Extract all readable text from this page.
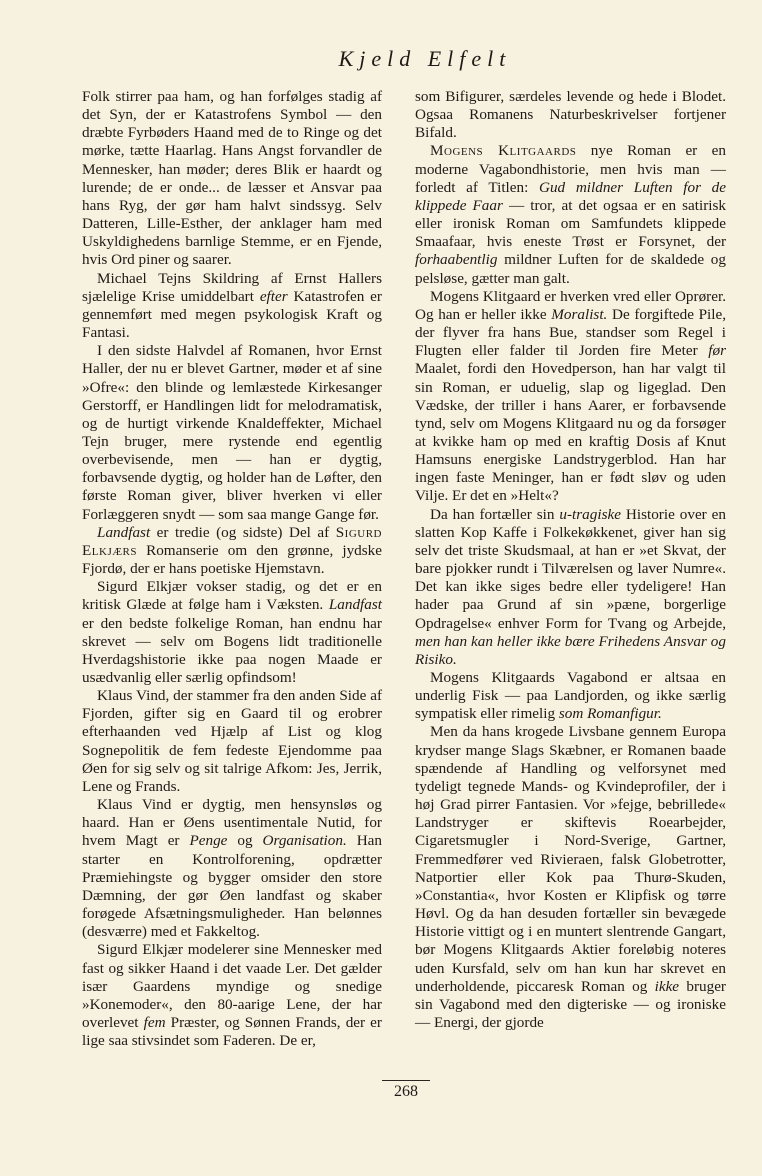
Kjeld Elfelt

Folk stirrer paa ham, og han forfølges stadig af det Syn, der er Katastrofens Symbol — den dræbte Fyrbøders Haand med de to Ringe og det mørke, tætte Haarlag. Hans Angst forvandler de Mennesker, han møder; deres Blik er haardt og lurende; de er onde... de læsser et Ansvar paa hans Ryg, der gør ham halvt sindssyg. Selv Datteren, Lille-Esther, der anklager ham med Uskyldighedens barnlige Stemme, er en Fjende, hvis Ord piner og saarer.

Michael Tejns Skildring af Ernst Hallers sjælelige Krise umiddelbart efter Katastrofen er gennemført med megen psykologisk Kraft og Fantasi.

I den sidste Halvdel af Romanen, hvor Ernst Haller, der nu er blevet Gartner, møder et af sine »Ofre«: den blinde og lemlæstede Kirkesanger Gerstorff, er Handlingen lidt for melodramatisk, og de hurtigt virkende Knaldeffekter, Michael Tejn bruger, mere rystende end egentlig overbevisende, men — han er dygtig, forbavsende dygtig, og holder han de Løfter, den første Roman giver, bliver hverken vi eller Forlæggeren snydt — som saa mange Gange før.

Landfast er tredie (og sidste) Del af Sigurd Elkjærs Romanserie om den grønne, jydske Fjordø, der er hans poetiske Hjemstavn.

Sigurd Elkjær vokser stadig, og det er en kritisk Glæde at følge ham i Væksten. Landfast er den bedste folkelige Roman, han endnu har skrevet — selv om Bogens lidt traditionelle Hverdagshistorie ikke paa nogen Maade er usædvanlig eller særlig opfindsom!

Klaus Vind, der stammer fra den anden Side af Fjorden, gifter sig en Gaard til og erobrer efterhaanden ved Hjælp af List og klog Sognepolitik de fem fedeste Ejendomme paa Øen for sig selv og sit talrige Afkom: Jes, Jerrik, Lene og Frands.

Klaus Vind er dygtig, men hensynsløs og haard. Han er Øens usentimentale Nutid, for hvem Magt er Penge og Organisation. Han starter en Kontrolforening, opdrætter Præmiehingste og bygger omsider den store Dæmning, der gør Øen landfast og skaber forøgede Afsætningsmuligheder. Han belønnes (desværre) med et Fakkeltog.

Sigurd Elkjær modelerer sine Mennesker med fast og sikker Haand i det vaade Ler. Det gælder især Gaardens myndige og snedige »Konemoder«, den 80-aarige Lene, der har overlevet fem Præster, og Sønnen Frands, der er lige saa stivsindet som Faderen. De er,

som Bifigurer, særdeles levende og hede i Blodet. Ogsaa Romanens Naturbeskrivelser fortjener Bifald.

Mogens Klitgaards nye Roman er en moderne Vagabondhistorie, men hvis man — forledt af Titlen: Gud mildner Luften for de klippede Faar — tror, at det ogsaa er en satirisk eller ironisk Roman om Samfundets klippede Smaafaar, hvis eneste Trøst er Forsynet, der forhaabentlig mildner Luften for de skaldede og pelsløse, gætter man galt.

Mogens Klitgaard er hverken vred eller Oprører. Og han er heller ikke Moralist. De forgiftede Pile, der flyver fra hans Bue, standser som Regel i Flugten eller falder til Jorden fire Meter før Maalet, fordi den Hovedperson, han har valgt til sin Roman, er uduelig, slap og ligeglad. Den Vædske, der triller i hans Aarer, er forbavsende tynd, selv om Mogens Klitgaard nu og da forsøger at kvikke ham op med en kraftig Dosis af Knut Hamsuns energiske Landstrygerblod. Han har ingen faste Meninger, han er født sløv og uden Vilje. Er det en »Helt«?

Da han fortæller sin u-tragiske Historie over en slatten Kop Kaffe i Folkekøkkenet, giver han sig selv det triste Skudsmaal, at han er »et Skvat, der bare pjokker rundt i Tilværelsen og laver Numre«. Det kan ikke siges bedre eller tydeligere! Han hader paa Grund af sin »pæne, borgerlige Opdragelse« enhver Form for Tvang og Arbejde, men han kan heller ikke bære Frihedens Ansvar og Risiko.

Mogens Klitgaards Vagabond er altsaa en underlig Fisk — paa Landjorden, og ikke særlig sympatisk eller rimelig som Romanfigur.

Men da hans krogede Livsbane gennem Europa krydser mange Slags Skæbner, er Romanen baade spændende af Handling og velforsynet med tydeligt tegnede Mands- og Kvindeprofiler, der i høj Grad pirrer Fantasien. Vor »fejge, bebrillede« Landstryger er skiftevis Roearbejder, Cigaretsmugler i Nord-Sverige, Gartner, Fremmedfører ved Rivieraen, falsk Globetrotter, Natportier eller Kok paa Thurø-Skuden, »Constantia«, hvor Kosten er Klipfisk og tørre Høvl. Og da han desuden fortæller sin bevægede Historie vittigt og i en muntert slentrende Gangart, bør Mogens Klitgaards Aktier foreløbig noteres uden Kursfald, selv om han kun har skrevet en underholdende, piccaresk Roman og ikke bruger sin Vagabond med den digteriske — og ironiske — Energi, der gjorde

268
